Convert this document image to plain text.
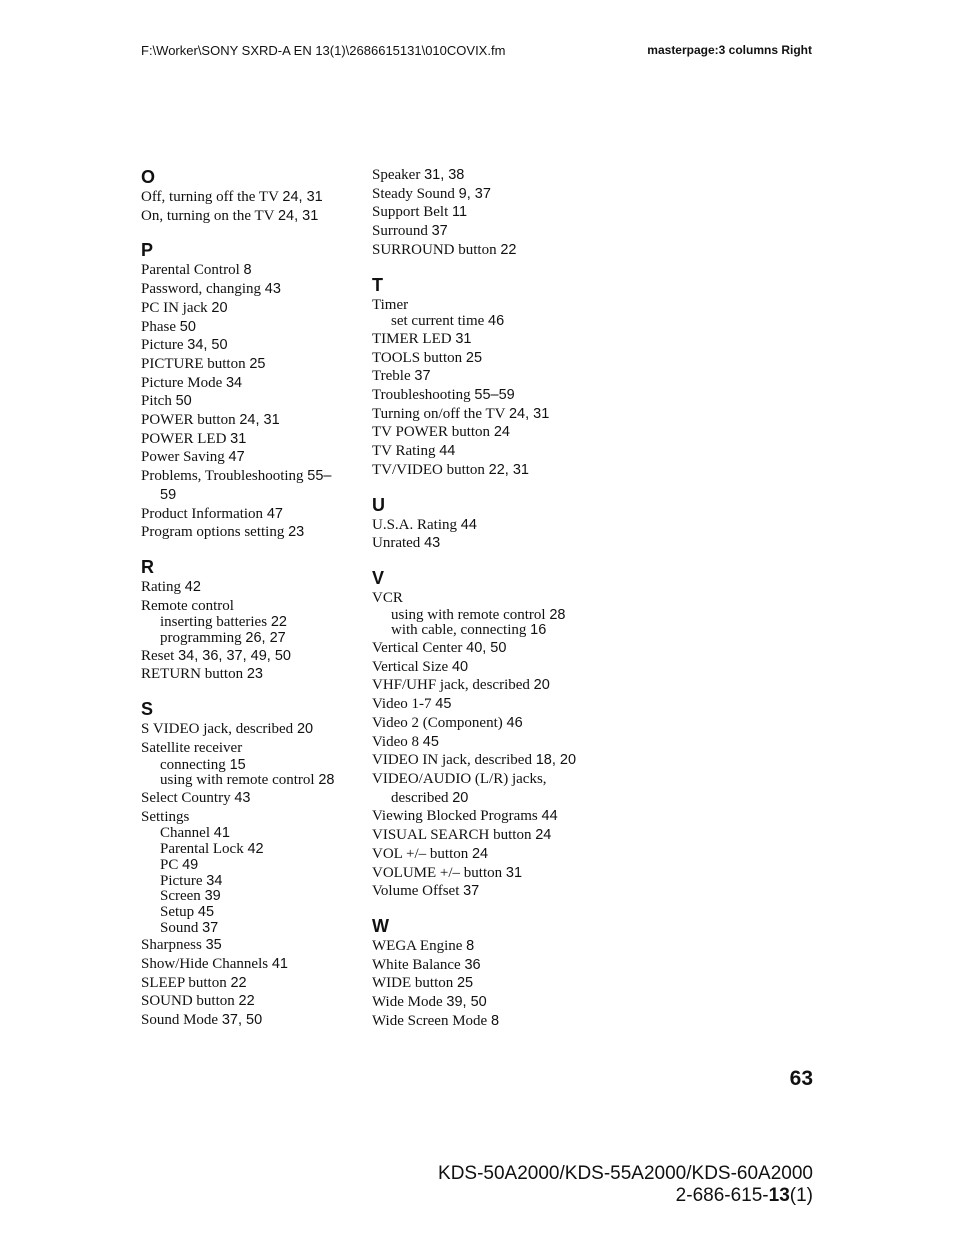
F:\Worker\SONY SXRD-A EN 13(1)\2686615131\010COVIX.fm	masterpage:3 columns Right
O
Off, turning off the TV 24, 31
On, turning on the TV 24, 31
P
Parental Control 8
Password, changing 43
PC IN jack 20
Phase 50
Picture 34, 50
PICTURE button 25
Picture Mode 34
Pitch 50
POWER button 24, 31
POWER LED 31
Power Saving 47
Problems, Troubleshooting 55–
59
Product Information 47
Program options setting 23
R
Rating 42
Remote control
inserting batteries 22
programming 26, 27
Reset 34, 36, 37, 49, 50
RETURN button 23
S
S VIDEO jack, described 20
Satellite receiver
connecting 15
using with remote control 28
Select Country 43
Settings
Channel 41
Parental Lock 42
PC 49
Picture 34
Screen 39
Setup 45
Sound 37
Sharpness 35
Show/Hide Channels 41
SLEEP button 22
SOUND button 22
Sound Mode 37, 50
Speaker 31, 38
Steady Sound 9, 37
Support Belt 11
Surround 37
SURROUND button 22
T
Timer
set current time 46
TIMER LED 31
TOOLS button 25
Treble 37
Troubleshooting 55–59
Turning on/off the TV 24, 31
TV POWER button 24
TV Rating 44
TV/VIDEO button 22, 31
U
U.S.A. Rating 44
Unrated 43
V
VCR
using with remote control 28
with cable, connecting 16
Vertical Center 40, 50
Vertical Size 40
VHF/UHF jack, described 20
Video 1-7 45
Video 2 (Component) 46
Video 8 45
VIDEO IN jack, described 18, 20
VIDEO/AUDIO (L/R) jacks,
described 20
Viewing Blocked Programs 44
VISUAL SEARCH button 24
VOL +/– button 24
VOLUME +/– button 31
Volume Offset 37
W
WEGA Engine 8
White Balance 36
WIDE button 25
Wide Mode 39, 50
Wide Screen Mode 8
63
KDS-50A2000/KDS-55A2000/KDS-60A2000
2-686-615-13(1)
